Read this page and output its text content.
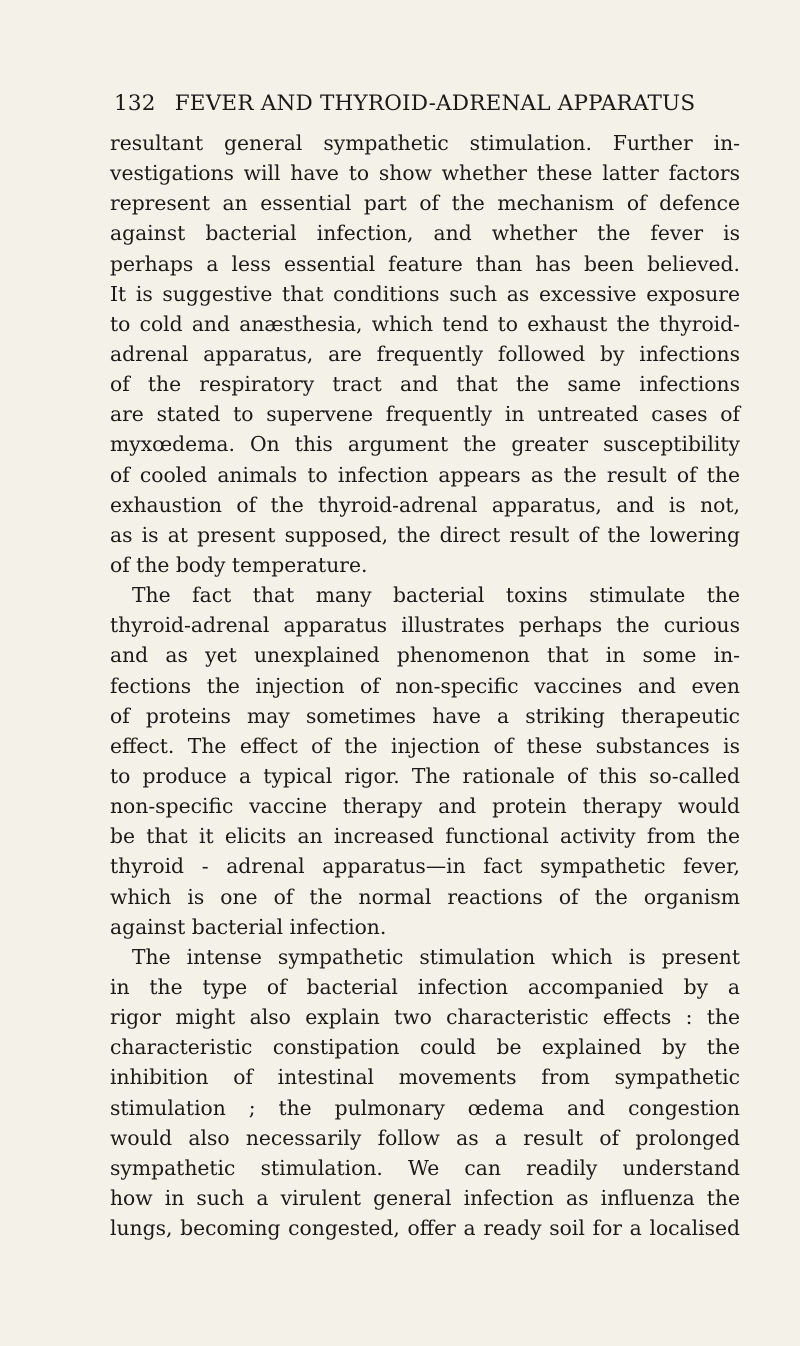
132 FEVER AND THYROID-ADRENAL APPARATUS
resultant general sympathetic stimulation. Further in-
vestigations will have to show whether these latter factors
represent an essential part of the mechanism of defence
against bacterial infection, and whether the fever is
perhaps a less essential feature than has been believed.
It is suggestive that conditions such as excessive exposure
to cold and anæsthesia, which tend to exhaust the thyroid-
adrenal apparatus, are frequently followed by infections
of the respiratory tract and that the same infections
are stated to supervene frequently in untreated cases of
myxœdema. On this argument the greater susceptibility
of cooled animals to infection appears as the result of the
exhaustion of the thyroid-adrenal apparatus, and is not,
as is at present supposed, the direct result of the lowering
of the body temperature.
The fact that many bacterial toxins stimulate the
thyroid-adrenal apparatus illustrates perhaps the curious
and as yet unexplained phenomenon that in some in-
fections the injection of non-specific vaccines and even
of proteins may sometimes have a striking therapeutic
effect. The effect of the injection of these substances is
to produce a typical rigor. The rationale of this so-called
non-specific vaccine therapy and protein therapy would
be that it elicits an increased functional activity from the
thyroid - adrenal apparatus—in fact sympathetic fever,
which is one of the normal reactions of the organism
against bacterial infection.
The intense sympathetic stimulation which is present
in the type of bacterial infection accompanied by a
rigor might also explain two characteristic effects : the
characteristic constipation could be explained by the
inhibition of intestinal movements from sympathetic
stimulation ; the pulmonary œdema and congestion
would also necessarily follow as a result of prolonged
sympathetic stimulation. We can readily understand
how in such a virulent general infection as influenza the
lungs, becoming congested, offer a ready soil for a localised
